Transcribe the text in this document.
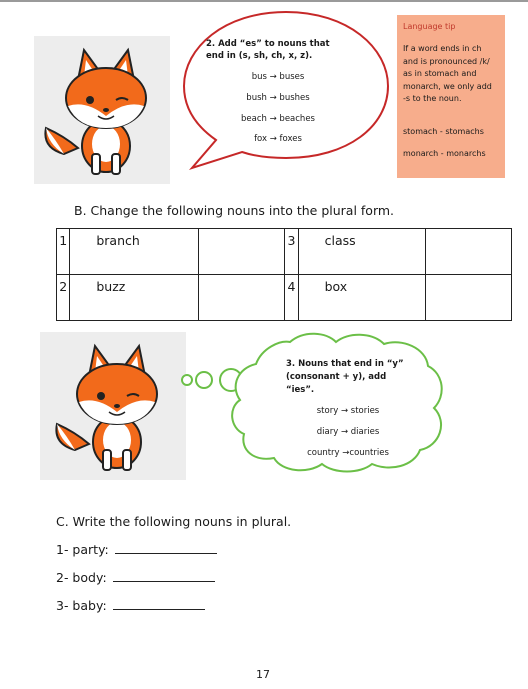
2. Add “es” to nouns that
end in (s, sh, ch, x, z).
bus → buses
bush → bushes
beach → beaches
fox → foxes
Language tip
If a word ends in ch
and is pronounced /k/
as in stomach and
monarch, we only add
-s to the noun.
stomach - stomachs
monarch - monarchs
B. Change the following nouns into the plural form.
1	branch		3	class	
2	buzz		4	box	
3. Nouns that end in “y”
(consonant + y), add
“ies”.
story → stories
diary → diaries
country →countries
C. Write the following nouns in plural.
1- party:
2- body:
3- baby:
17
